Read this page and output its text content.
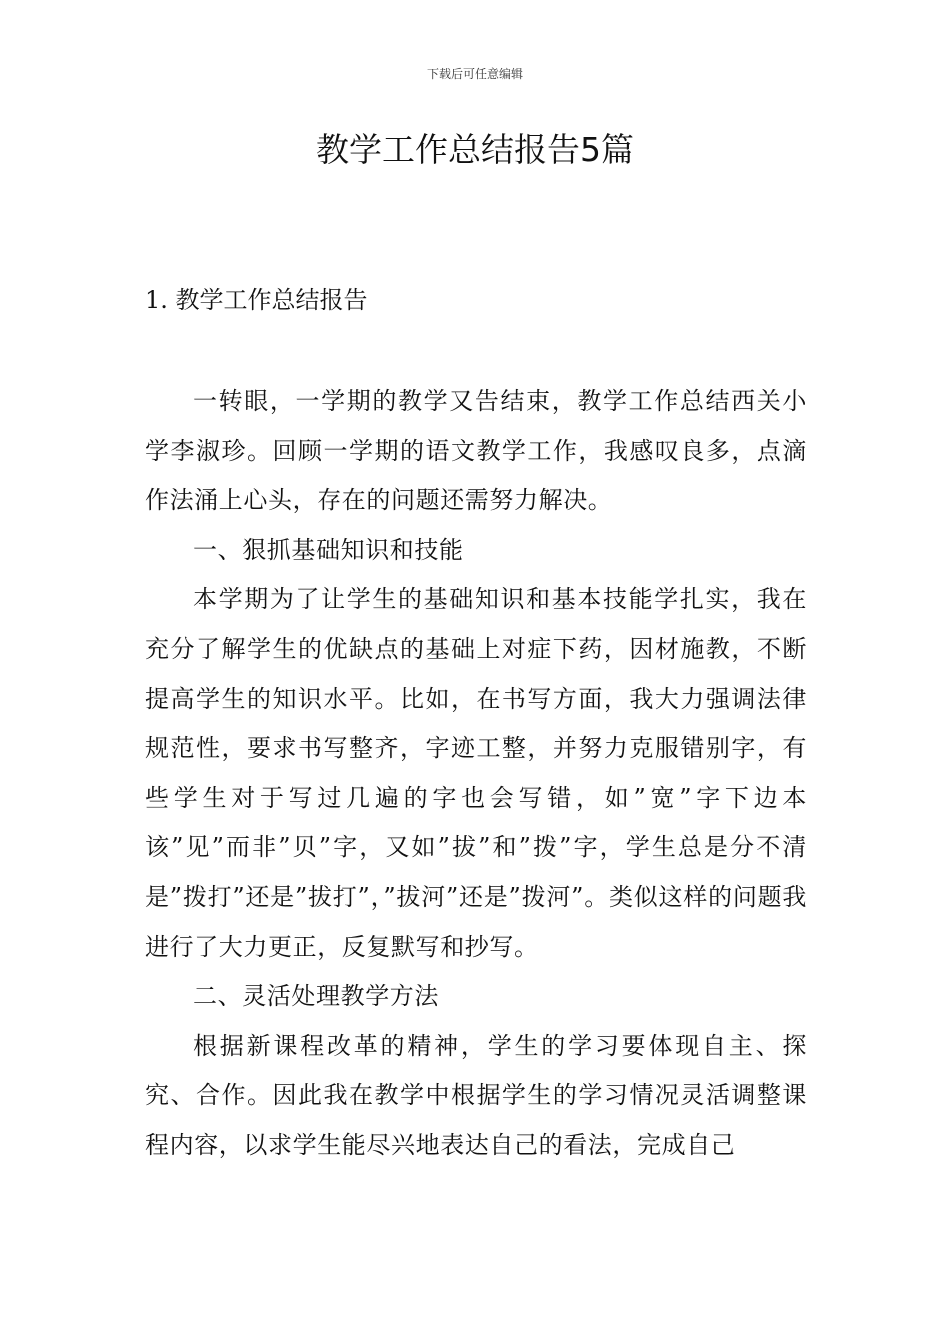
下载后可任意编辑
教学工作总结报告5篇
1. 教学工作总结报告

一转眼，一学期的教学又告结束，教学工作总结西关小学李淑珍。回顾一学期的语文教学工作，我感叹良多，点滴作法涌上心头，存在的问题还需努力解决。

一、狠抓基础知识和技能

本学期为了让学生的基础知识和基本技能学扎实，我在充分了解学生的优缺点的基础上对症下药，因材施教，不断提高学生的知识水平。比如，在书写方面，我大力强调法律规范性，要求书写整齐，字迹工整，并努力克服错别字，有些学生对于写过几遍的字也会写错，如”宽”字下边本该”见”而非”贝”字，又如”拔”和”拨”字，学生总是分不清是”拨打”还是”拔打”，”拔河”还是”拨河”。类似这样的问题我进行了大力更正，反复默写和抄写。

二、灵活处理教学方法

根据新课程改革的精神，学生的学习要体现自主、探究、合作。因此我在教学中根据学生的学习情况灵活调整课程内容，以求学生能尽兴地表达自己的看法，完成自己
